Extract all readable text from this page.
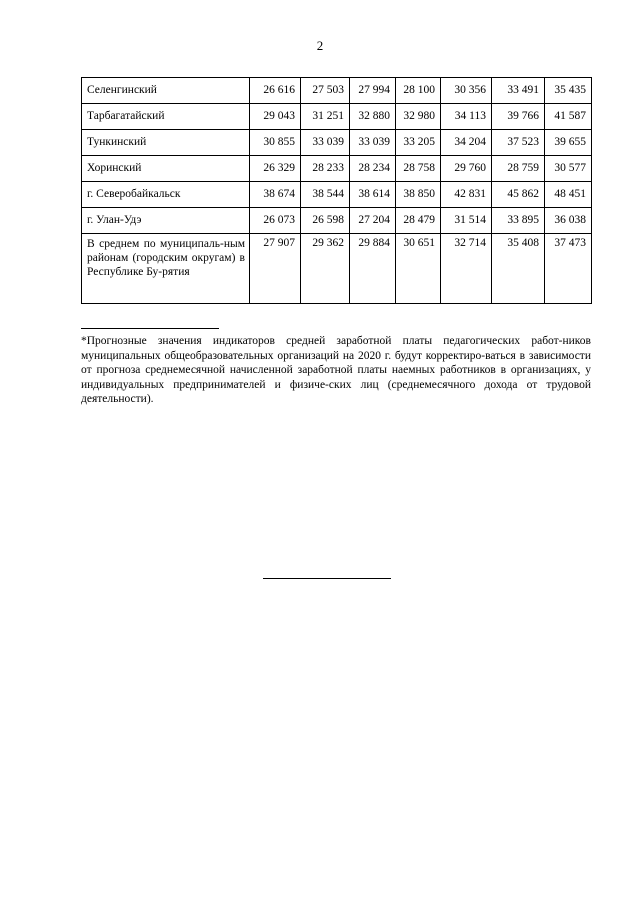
2
Селенгинский	26 616	27 503	27 994	28 100	30 356	33 491	35 435
Тарбагатайский	29 043	31 251	32 880	32 980	34 113	39 766	41 587
Тункинский	30 855	33 039	33 039	33 205	34 204	37 523	39 655
Хоринский	26 329	28 233	28 234	28 758	29 760	28 759	30 577
г. Северобайкальск	38 674	38 544	38 614	38 850	42 831	45 862	48 451
г. Улан-Удэ	26 073	26 598	27 204	28 479	31 514	33 895	36 038
В среднем по муниципаль-ным районам (городским округам) в Республике Бу-рятия	27 907	29 362	29 884	30 651	32 714	35 408	37 473
*Прогнозные значения индикаторов средней заработной платы педагогических работ-ников муниципальных общеобразовательных организаций на 2020 г. будут корректиро-ваться в зависимости от прогноза среднемесячной начисленной заработной платы наемных работников в организациях, у индивидуальных предпринимателей и физиче-ских лиц (среднемесячного дохода от трудовой деятельности).
